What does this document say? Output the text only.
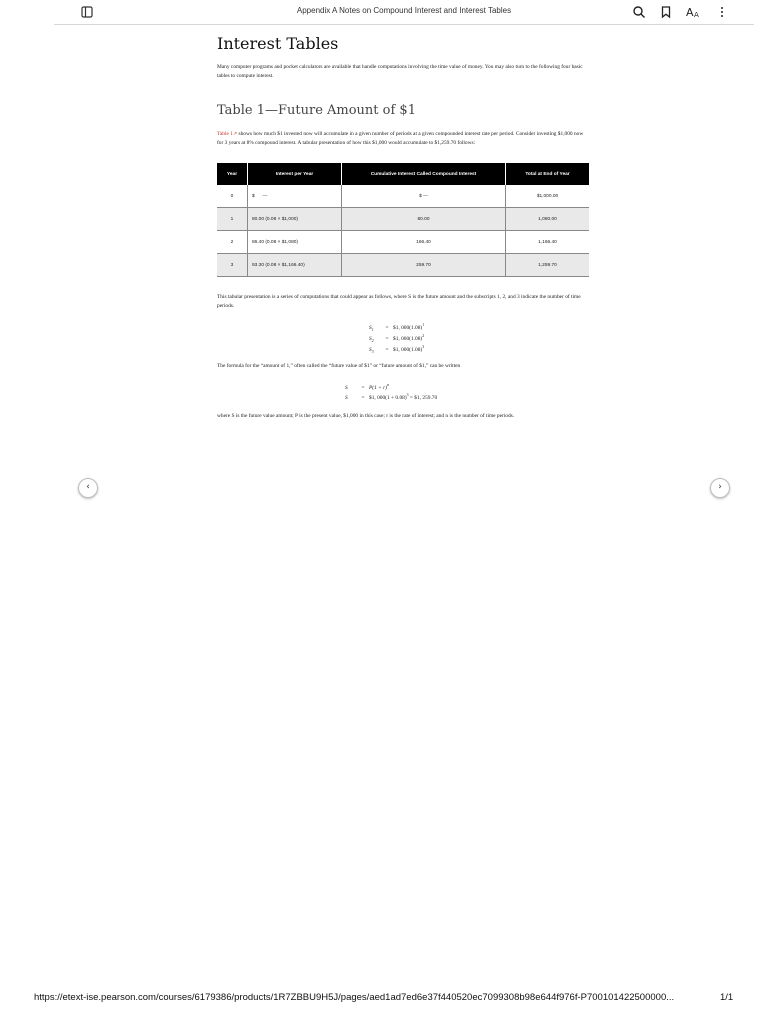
Appendix A Notes on Compound Interest and Interest Tables	A A
Interest Tables

Many computer programs and pocket calculators are available that handle computations involving the time value of money. You may also turn to the following four basic tables to compute interest.

Table 1—Future Amount of $1

Table 1↗ shows how much $1 invested now will accumulate in a given number of periods at a given compounded interest rate per period. Consider investing $1,000 now for 3 years at 8% compound interest. A tabular presentation of how this $1,000 would accumulate to $1,259.70 follows:

Year	Interest per Year	Cumulative Interest Called Compound Interest	Total at End of Year
0	$ —	$ —	$1,000.00
1	80.00 (0.08 × $1,000)	80.00	1,080.00
2	86.40 (0.08 × $1,080)	166.40	1,166.40
3	93.30 (0.08 × $1,166.40)	259.70	1,259.70

This tabular presentation is a series of computations that could appear as follows, where S is the future amount and the subscripts 1, 2, and 3 indicate the number of time periods.

$S_1$ = $1, $000(1.08)^1$
$S_2$ = $1, $000(1.08)^2$
$S_3$ = $1, $000(1.08)^3$

The formula for the “amount of 1,” often called the “future value of $1” or “future amount of $1,” can be written

S	= $P(1 + r)^n$
S	= $1, $000(1 + 0.08)^3$ = $1, 259.70

where S is the future value amount; P is the present value, $1,000 in this case; r is the rate of interest; and n is the number of time periods.

‹	›
https://etext-ise.pearson.com/courses/6179386/products/1R7ZBBU9H5J/pages/aed1ad7ed6e37f440520ec7099308b98e644f976f-P700101422500000...	1/1
